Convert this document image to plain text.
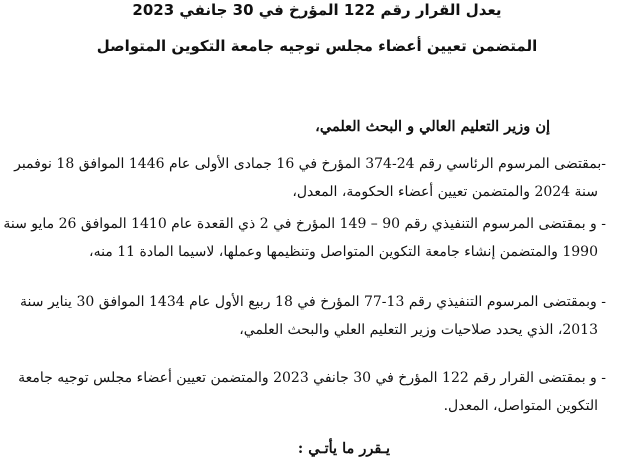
يعدل القرار رقم 122 المؤرخ في 30 جانفي 2023
المتضمن تعيين أعضاء مجلس توجيه جامعة التكوين المتواصل
إن وزير التعليم العالي و البحث العلمي،
-بمقتضى المرسوم الرئاسي رقم 24-374 المؤرخ في 16 جمادى الأولى عام 1446 الموافق 18 نوفمبر
سنة 2024 والمتضمن تعيين أعضاء الحكومة، المعدل،
- و بمقتضى المرسوم التنفيذي رقم 90 – 149 المؤرخ في 2 ذي القعدة عام 1410 الموافق 26 مايو سنة
1990 والمتضمن إنشاء جامعة التكوين المتواصل وتنظيمها وعملها، لاسيما المادة 11 منه،
- وبمقتضى المرسوم التنفيذي رقم 13-77 المؤرخ في 18 ربيع الأول عام 1434 الموافق 30 يناير سنة
2013، الذي يحدد صلاحيات وزير التعليم العلي والبحث العلمي،
- و بمقتضى القرار رقم 122 المؤرخ في 30 جانفي 2023 والمتضمن تعيين أعضاء مجلس توجيه جامعة
التكوين المتواصل، المعدل.
يـقرر ما يأتـي :
